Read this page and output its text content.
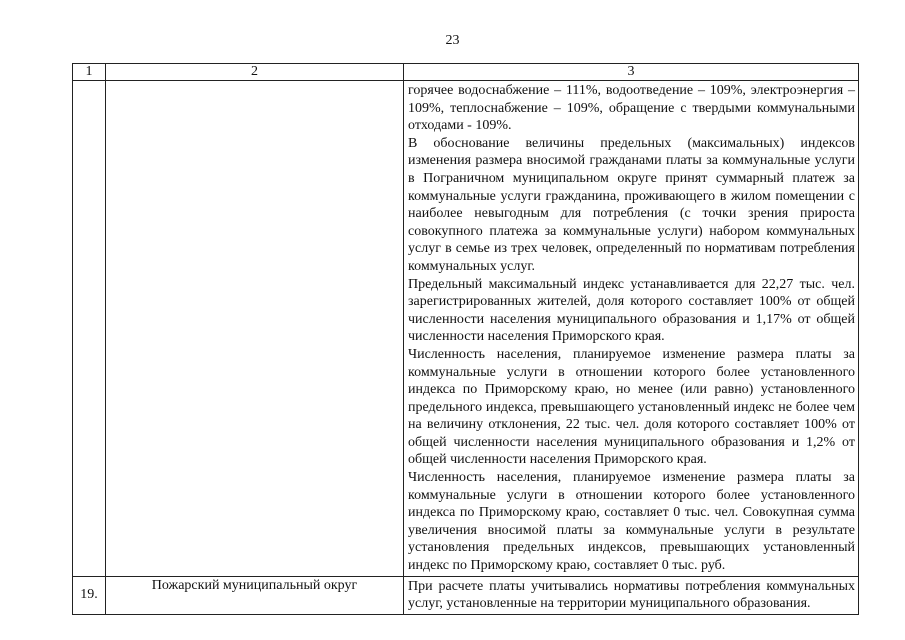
23
1	2	3

		горячее водоснабжение – 111%, водоотведение – 109%, электроэнергия – 109%, теплоснабжение – 109%, обращение с твердыми коммунальными отходами - 109%.

В обоснование величины предельных (максимальных) индексов изменения размера вносимой гражданами платы за коммунальные услуги в Пограничном муниципальном округе принят суммарный платеж за коммунальные услуги гражданина, проживающего в жилом помещении с наиболее невыгодным для потребления (с точки зрения прироста совокупного платежа за коммунальные услуги) набором коммунальных услуг в семье из трех человек, определенный по нормативам потребления коммунальных услуг.

Предельный максимальный индекс устанавливается для 22,27 тыс. чел. зарегистрированных жителей, доля которого составляет 100% от общей численности населения муниципального образования и 1,17% от общей численности населения Приморского края.

Численность населения, планируемое изменение размера платы за коммунальные услуги в отношении которого более установленного индекса по Приморскому краю, но менее (или равно) установленного предельного индекса, превышающего установленный индекс не более чем на величину отклонения, 22 тыс. чел. доля которого составляет 100% от общей численности населения муниципального образования и 1,2% от общей численности населения Приморского края.

Численность населения, планируемое изменение размера платы за коммунальные услуги в отношении которого более установленного индекса по Приморскому краю, составляет 0 тыс. чел. Совокупная сумма увеличения вносимой платы за коммунальные услуги в результате установления предельных индексов, превышающих установленный индекс по Приморскому краю, составляет 0 тыс. руб.

19.	Пожарский муниципальный округ	При расчете платы учитывались нормативы потребления коммунальных услуг, установленные на территории муниципального образования.
